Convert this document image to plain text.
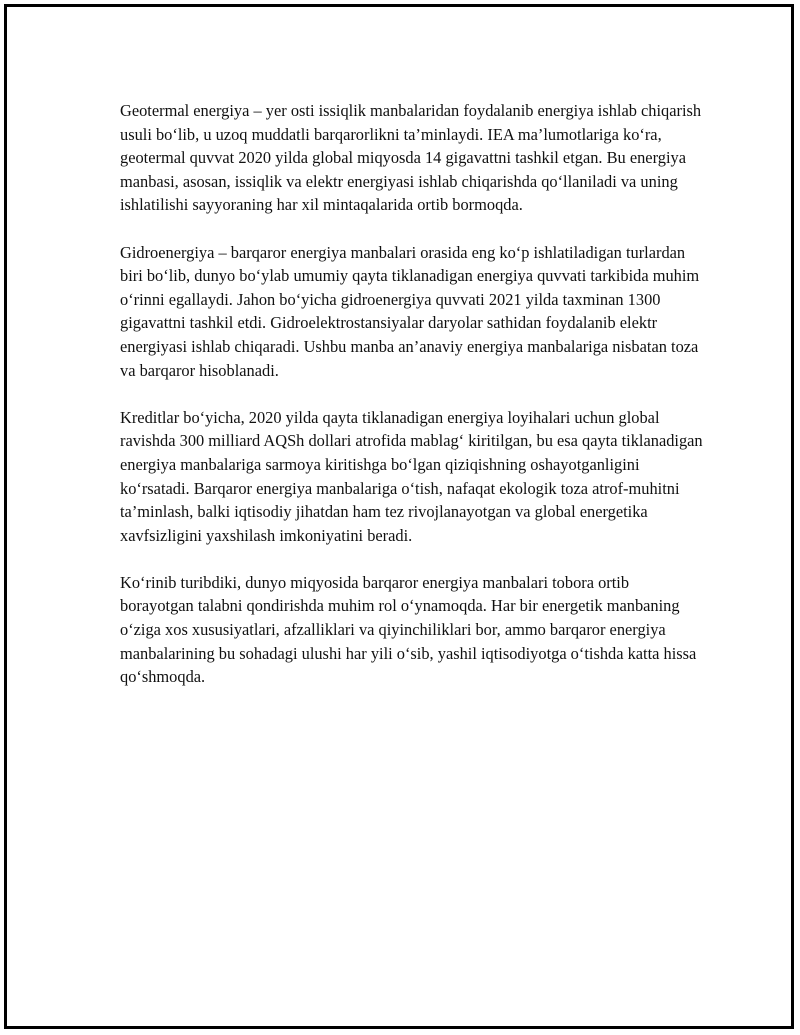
Geotermal energiya – yer osti issiqlik manbalaridan foydalanib energiya ishlab chiqarish usuli bo‘lib, u uzoq muddatli barqarorlikni ta’minlaydi. IEA ma’lumotlariga ko‘ra, geotermal quvvat 2020 yilda global miqyosda 14 gigavattni tashkil etgan. Bu energiya manbasi, asosan, issiqlik va elektr energiyasi ishlab chiqarishda qo‘llaniladi va uning ishlatilishi sayyoraning har xil mintaqalarida ortib bormoqda.

Gidroenergiya – barqaror energiya manbalari orasida eng ko‘p ishlatiladigan turlardan biri bo‘lib, dunyo bo‘ylab umumiy qayta tiklanadigan energiya quvvati tarkibida muhim o‘rinni egallaydi. Jahon bo‘yicha gidroenergiya quvvati 2021 yilda taxminan 1300 gigavattni tashkil etdi. Gidroelektrostansiyalar daryolar sathidan foydalanib elektr energiyasi ishlab chiqaradi. Ushbu manba an’anaviy energiya manbalariga nisbatan toza va barqaror hisoblanadi.

Kreditlar bo‘yicha, 2020 yilda qayta tiklanadigan energiya loyihalari uchun global ravishda 300 milliard AQSh dollari atrofida mablag‘ kiritilgan, bu esa qayta tiklanadigan energiya manbalariga sarmoya kiritishga bo‘lgan qiziqishning oshayotganligini ko‘rsatadi. Barqaror energiya manbalariga o‘tish, nafaqat ekologik toza atrof-muhitni ta’minlash, balki iqtisodiy jihatdan ham tez rivojlanayotgan va global energetika xavfsizligini yaxshilash imkoniyatini beradi.

Ko‘rinib turibdiki, dunyo miqyosida barqaror energiya manbalari tobora ortib borayotgan talabni qondirishda muhim rol o‘ynamoqda. Har bir energetik manbaning o‘ziga xos xususiyatlari, afzalliklari va qiyinchiliklari bor, ammo barqaror energiya manbalarining bu sohadagi ulushi har yili o‘sib, yashil iqtisodiyotga o‘tishda katta hissa qo‘shmoqda.
